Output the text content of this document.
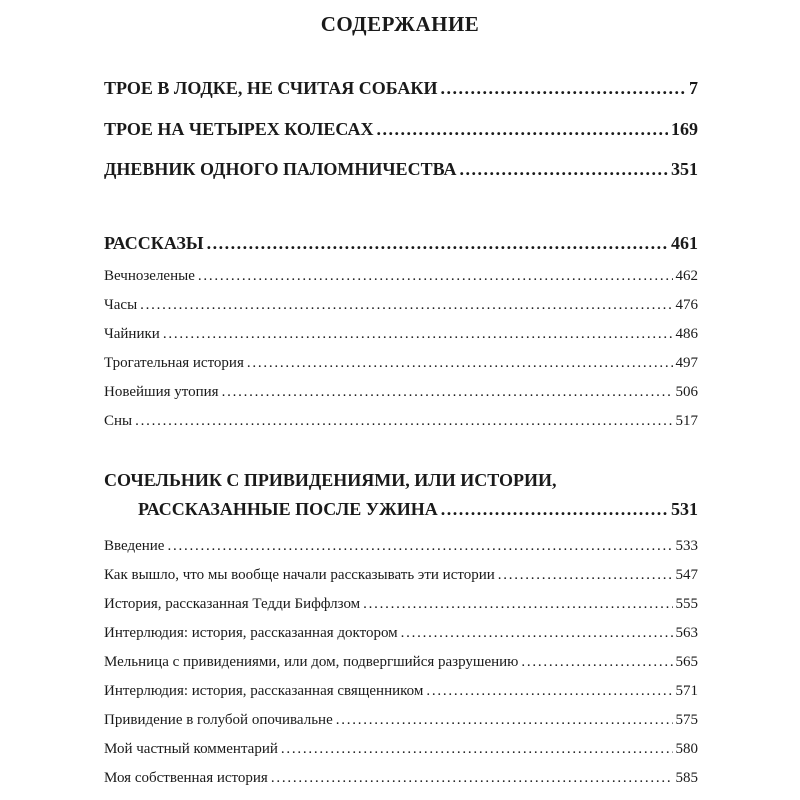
СОДЕРЖАНИЕ
ТРОЕ В ЛОДКЕ, НЕ СЧИТАЯ СОБАКИ . . .	7
ТРОЕ НА ЧЕТЫРЕХ КОЛЕСАХ . . .	169
ДНЕВНИК ОДНОГО ПАЛОМНИЧЕСТВА . . .	351
РАССКАЗЫ . . .	461
Вечнозеленые . . .	462
Часы . . .	476
Чайники . . .	486
Трогательная история . . .	497
Новейшия утопия . . .	506
Сны . . .	517
СОЧЕЛЬНИК С ПРИВИДЕНИЯМИ, ИЛИ ИСТОРИИ,
РАССКАЗАННЫЕ ПОСЛЕ УЖИНА . . .	531
Введение . . .	533
Как вышло, что мы вообще начали рассказывать эти истории . . .	547
История, рассказанная Тедди Биффлзом . . .	555
Интерлюдия: история, рассказанная доктором . . .	563
Мельница с привидениями, или дом, подвергшийся разрушению . . .	565
Интерлюдия: история, рассказанная священником . . .	571
Привидение в голубой опочивальне . . .	575
Мой частный комментарий . . .	580
Моя собственная история . . .	585
